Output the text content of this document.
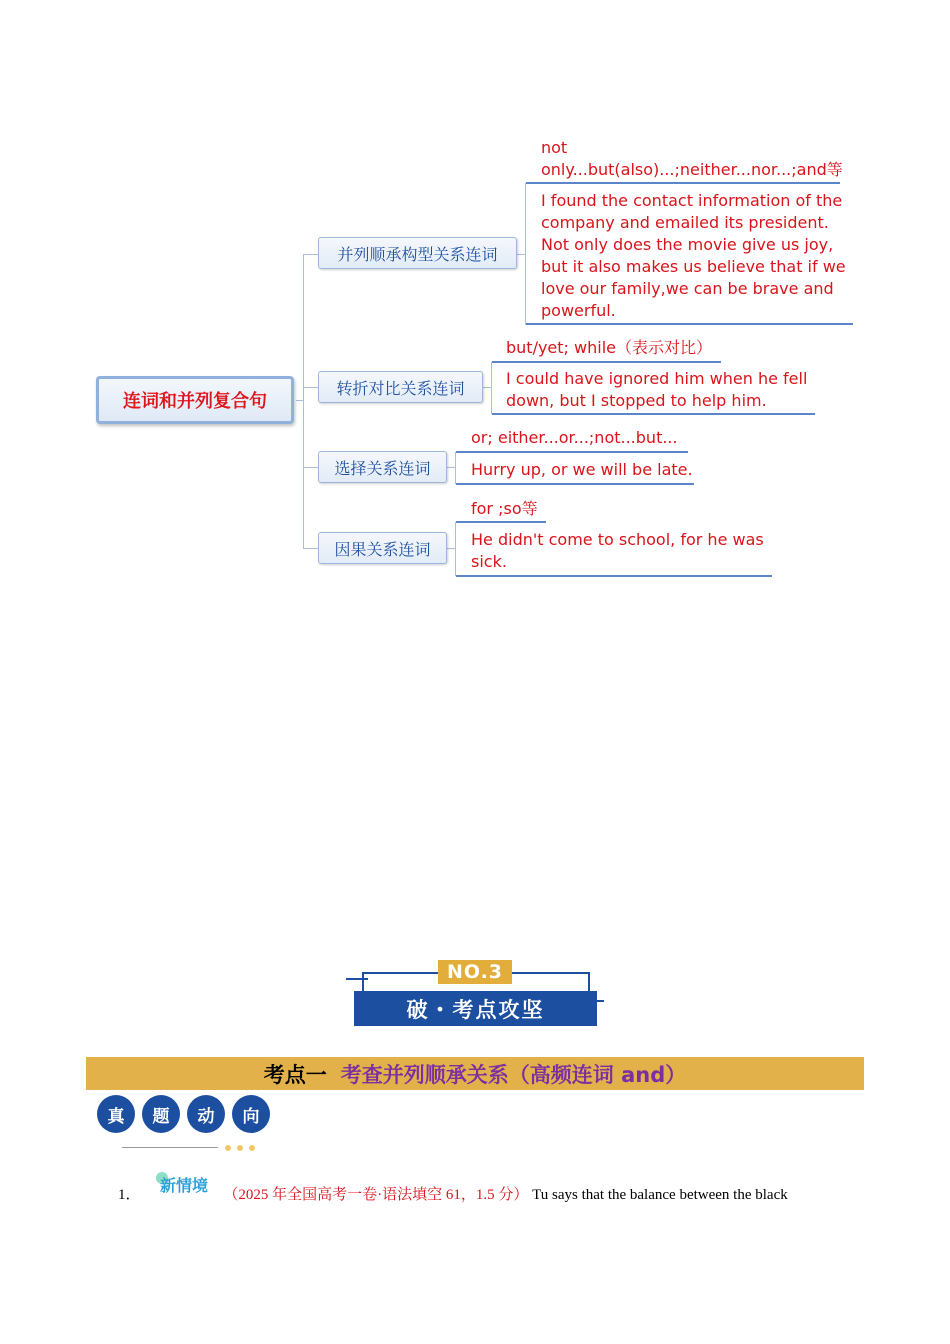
连词和并列复合句
并列顺承构型关系连词
not
only...but(also)...;neither...nor...;and等
I found the contact information of the
company and emailed its president.
Not only does the movie give us joy,
but it also makes us believe that if we
love our family,we can be brave and
powerful.
转折对比关系连词
but/yet; while（表示对比）
I could have ignored him when he fell
down, but I stopped to help him.
选择关系连词
or; either...or...;not...but...
Hurry up, or we will be late.
因果关系连词
for ;so等
He didn't come to school, for he was
sick.
NO.3
破・考点攻坚
考点一 考查并列顺承关系（高频连词 and）
真	题	动	向
1． 新情境 （2025 年全国高考一卷·语法填空 61，1.5 分） Tu says that the balance between the black
